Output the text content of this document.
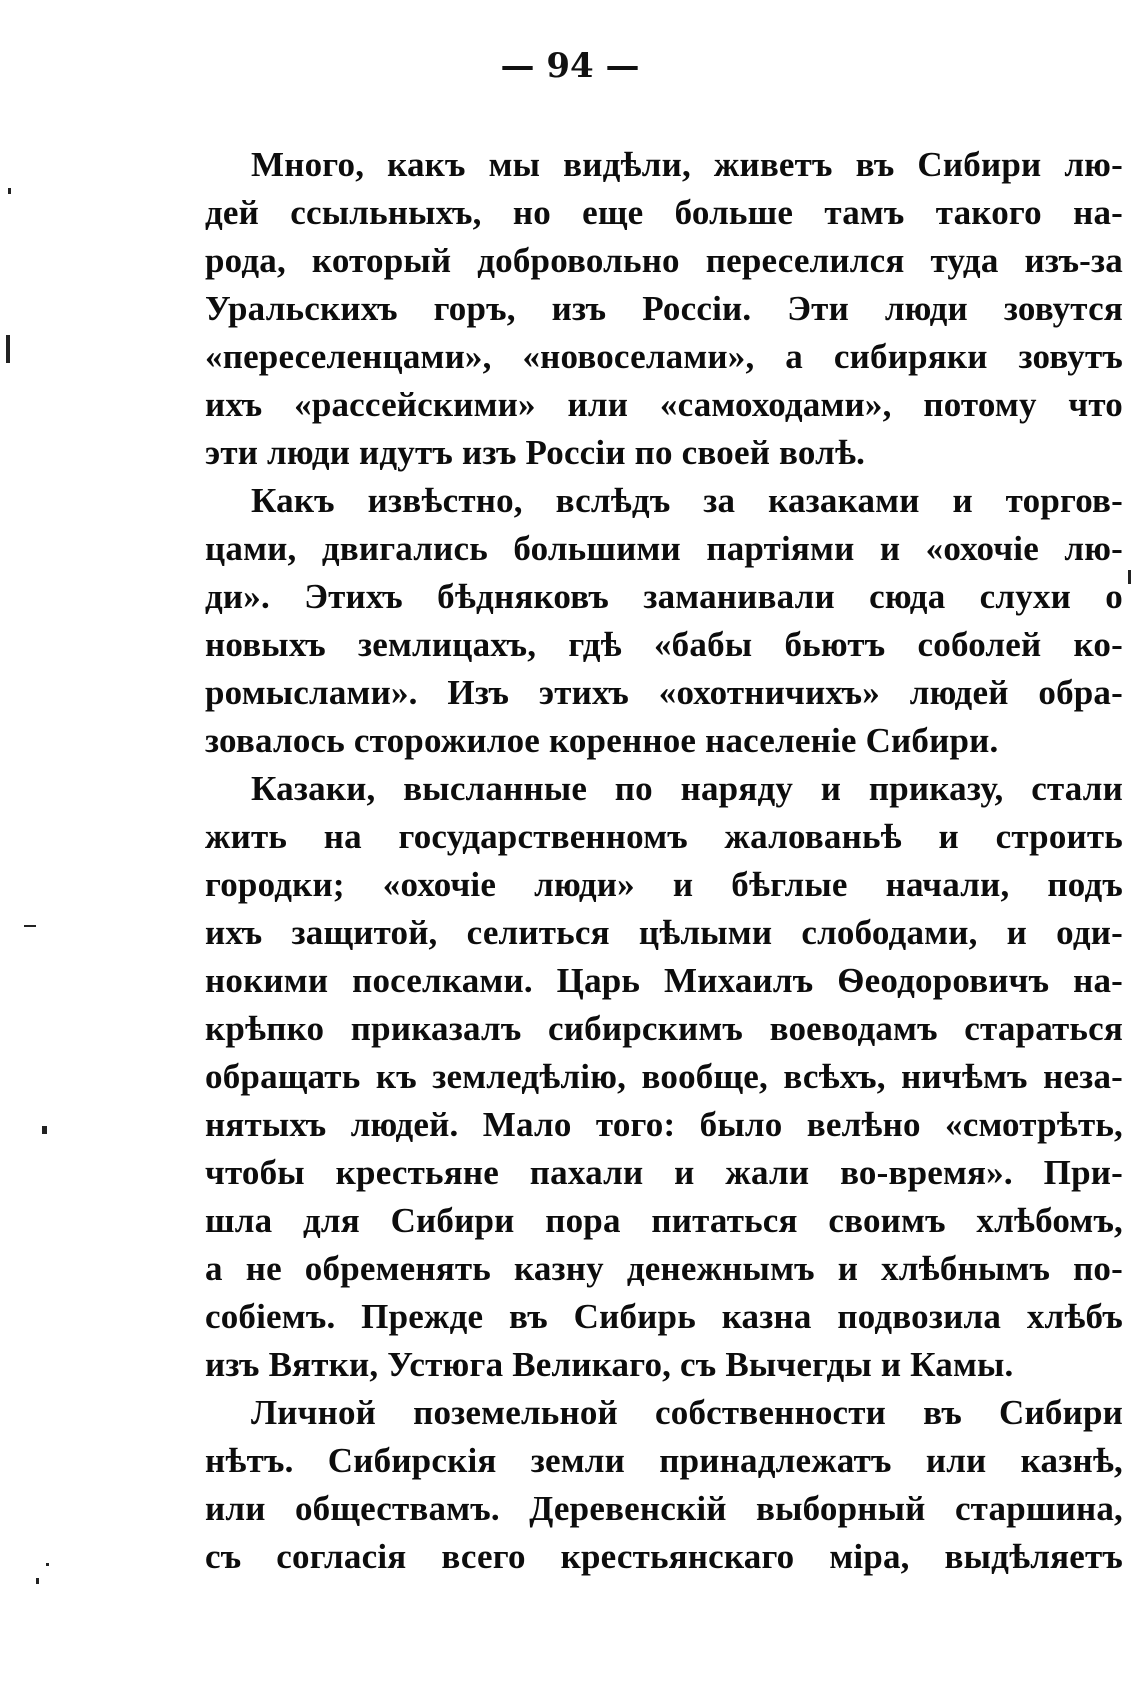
— 94 —
Много, какъ мы видѣли, живетъ въ Сибири лю-
дей ссыльныхъ, но еще больше тамъ такого на-
рода, который добровольно переселился туда изъ-за
Уральскихъ горъ, изъ Россіи. Эти люди зовутся
«переселенцами», «новоселами», а сибиряки зовутъ
ихъ «рассейскими» или «самоходами», потому что
эти люди идутъ изъ Россіи по своей волѣ.
Какъ извѣстно, вслѣдъ за казаками и торгов-
цами, двигались большими партіями и «охочіе лю-
ди». Этихъ бѣдняковъ заманивали сюда слухи о
новыхъ землицахъ, гдѣ «бабы бьютъ соболей ко-
ромыслами». Изъ этихъ «охотничихъ» людей обра-
зовалось сторожилое коренное населеніе Сибири.
Казаки, высланные по наряду и приказу, стали
жить на государственномъ жалованьѣ и строить
городки; «охочіе люди» и бѣглые начали, подъ
ихъ защитой, селиться цѣлыми слободами, и оди-
нокими поселками. Царь Михаилъ Ѳеодоровичъ на-
крѣпко приказалъ сибирскимъ воеводамъ стараться
обращать къ земледѣлію, вообще, всѣхъ, ничѣмъ неза-
нятыхъ людей. Мало того: было велѣно «смотрѣть,
чтобы крестьяне пахали и жали во-время». При-
шла для Сибири пора питаться своимъ хлѣбомъ,
а не обременять казну денежнымъ и хлѣбнымъ по-
собіемъ. Прежде въ Сибирь казна подвозила хлѣбъ
изъ Вятки, Устюга Великаго, съ Вычегды и Камы.
Личной поземельной собственности въ Сибири
нѣтъ. Сибирскія земли принадлежатъ или казнѣ,
или обществамъ. Деревенскій выборный старшина,
съ согласія всего крестьянскаго міра, выдѣляетъ
